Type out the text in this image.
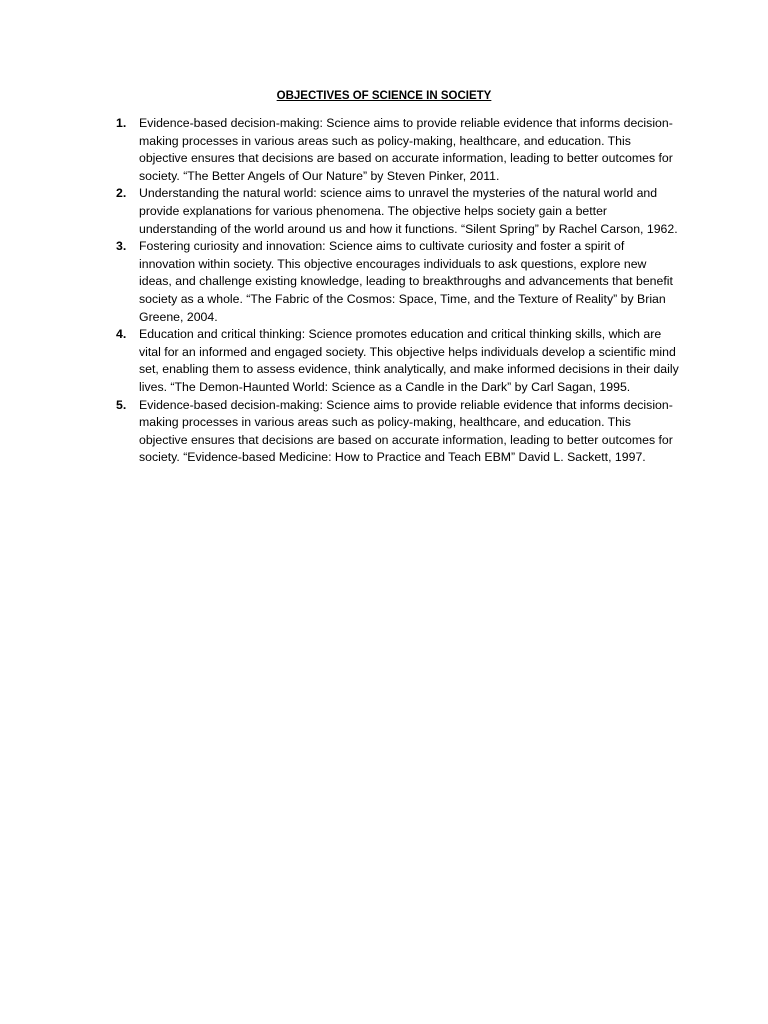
OBJECTIVES OF SCIENCE IN SOCIETY
1. Evidence-based decision-making: Science aims to provide reliable evidence that informs decision-making processes in various areas such as policy-making, healthcare, and education. This objective ensures that decisions are based on accurate information, leading to better outcomes for society. “The Better Angels of Our Nature” by Steven Pinker, 2011.
2. Understanding the natural world: science aims to unravel the mysteries of the natural world and provide explanations for various phenomena. The objective helps society gain a better understanding of the world around us and how it functions. “Silent Spring” by Rachel Carson, 1962.
3. Fostering curiosity and innovation: Science aims to cultivate curiosity and foster a spirit of innovation within society. This objective encourages individuals to ask questions, explore new ideas, and challenge existing knowledge, leading to breakthroughs and advancements that benefit society as a whole. “The Fabric of the Cosmos: Space, Time, and the Texture of Reality” by Brian Greene, 2004.
4. Education and critical thinking: Science promotes education and critical thinking skills, which are vital for an informed and engaged society. This objective helps individuals develop a scientific mind set, enabling them to assess evidence, think analytically, and make informed decisions in their daily lives. “The Demon-Haunted World: Science as a Candle in the Dark” by Carl Sagan, 1995.
5. Evidence-based decision-making: Science aims to provide reliable evidence that informs decision-making processes in various areas such as policy-making, healthcare, and education. This objective ensures that decisions are based on accurate information, leading to better outcomes for society. “Evidence-based Medicine: How to Practice and Teach EBM” David L. Sackett, 1997.
